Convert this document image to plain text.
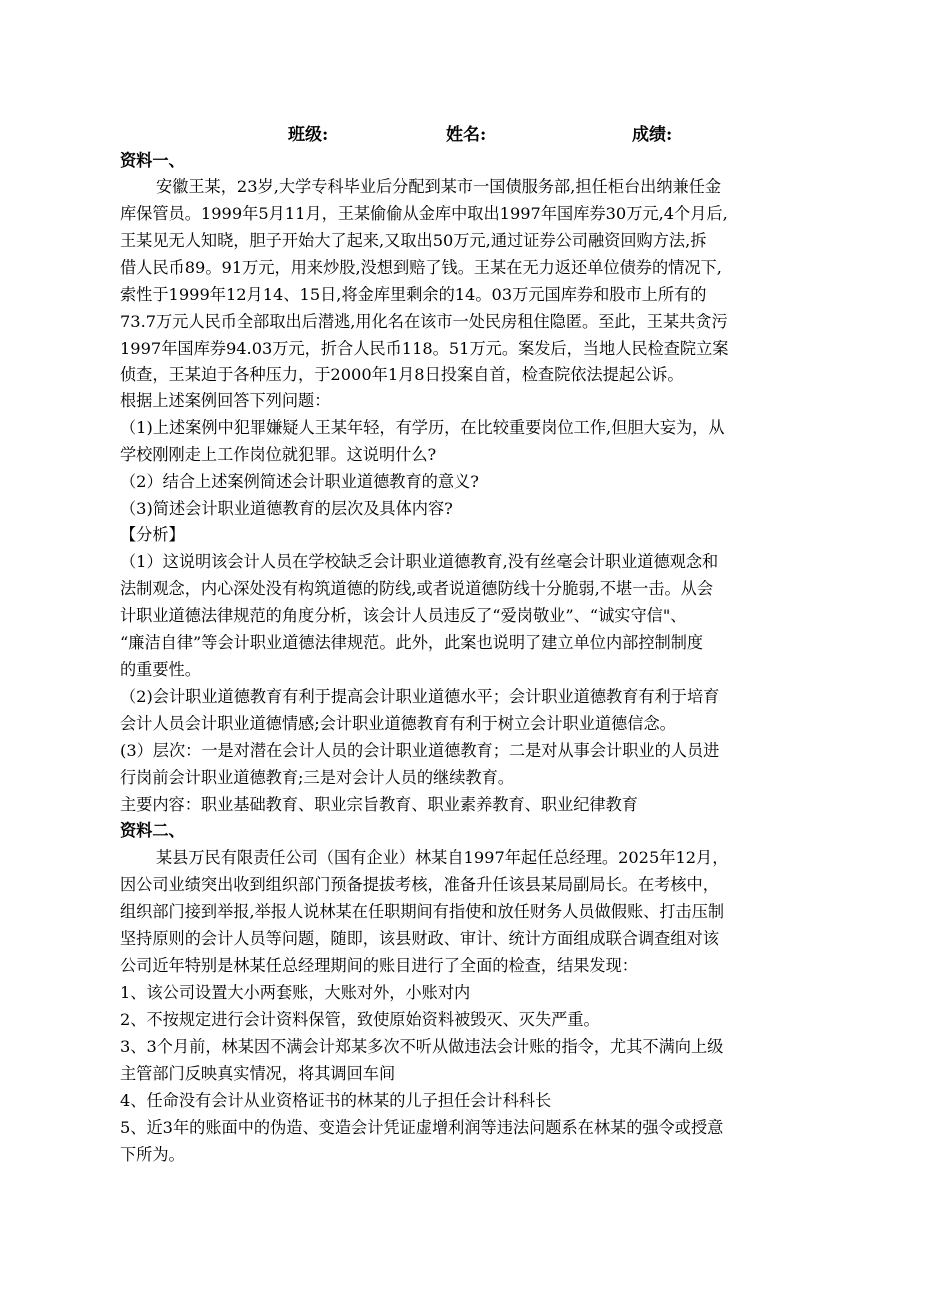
班级:	姓名:	成绩:
资料一、
安徽王某，23岁,大学专科毕业后分配到某市一国债服务部,担任柜台出纳兼任金
库保管员。1999年5月11月，王某偷偷从金库中取出1997年国库券30万元,4个月后,
王某见无人知晓，胆子开始大了起来,又取出50万元,通过证券公司融资回购方法,拆
借人民币89。91万元，用来炒股,没想到赔了钱。王某在无力返还单位债券的情况下,
索性于1999年12月14、15日,将金库里剩余的14。03万元国库券和股市上所有的
73.7万元人民币全部取出后潜逃,用化名在该市一处民房租住隐匿。至此，王某共贪污
1997年国库券94.03万元，折合人民币118。51万元。案发后，当地人民检查院立案
侦查，王某迫于各种压力，于2000年1月8日投案自首，检查院依法提起公诉。
根据上述案例回答下列问题：
（1)上述案例中犯罪嫌疑人王某年轻，有学历，在比较重要岗位工作,但胆大妄为，从
学校刚刚走上工作岗位就犯罪。这说明什么?
（2）结合上述案例简述会计职业道德教育的意义?
（3)简述会计职业道德教育的层次及具体内容?
【分析】
（1）这说明该会计人员在学校缺乏会计职业道德教育,没有丝毫会计职业道德观念和
法制观念，内心深处没有构筑道德的防线,或者说道德防线十分脆弱,不堪一击。从会
计职业道德法律规范的角度分析，该会计人员违反了“爱岗敬业”、“诚实守信"、
“廉洁自律”等会计职业道德法律规范。此外，此案也说明了建立单位内部控制制度
的重要性。
（2)会计职业道德教育有利于提高会计职业道德水平；会计职业道德教育有利于培育
会计人员会计职业道德情感;会计职业道德教育有利于树立会计职业道德信念。
(3）层次：一是对潜在会计人员的会计职业道德教育；二是对从事会计职业的人员进
行岗前会计职业道德教育;三是对会计人员的继续教育。
主要内容：职业基础教育、职业宗旨教育、职业素养教育、职业纪律教育
资料二、
某县万民有限责任公司（国有企业）林某自1997年起任总经理。2025年12月，
因公司业绩突出收到组织部门预备提拔考核，准备升任该县某局副局长。在考核中，
组织部门接到举报,举报人说林某在任职期间有指使和放任财务人员做假账、打击压制
坚持原则的会计人员等问题，随即，该县财政、审计、统计方面组成联合调查组对该
公司近年特别是林某任总经理期间的账目进行了全面的检查，结果发现：
1、该公司设置大小两套账，大账对外，小账对内
2、不按规定进行会计资料保管，致使原始资料被毁灭、灭失严重。
3、3个月前，林某因不满会计郑某多次不听从做违法会计账的指令，尤其不满向上级
主管部门反映真实情况，将其调回车间
4、任命没有会计从业资格证书的林某的儿子担任会计科科长
5、近3年的账面中的伪造、变造会计凭证虚增利润等违法问题系在林某的强令或授意
下所为。
